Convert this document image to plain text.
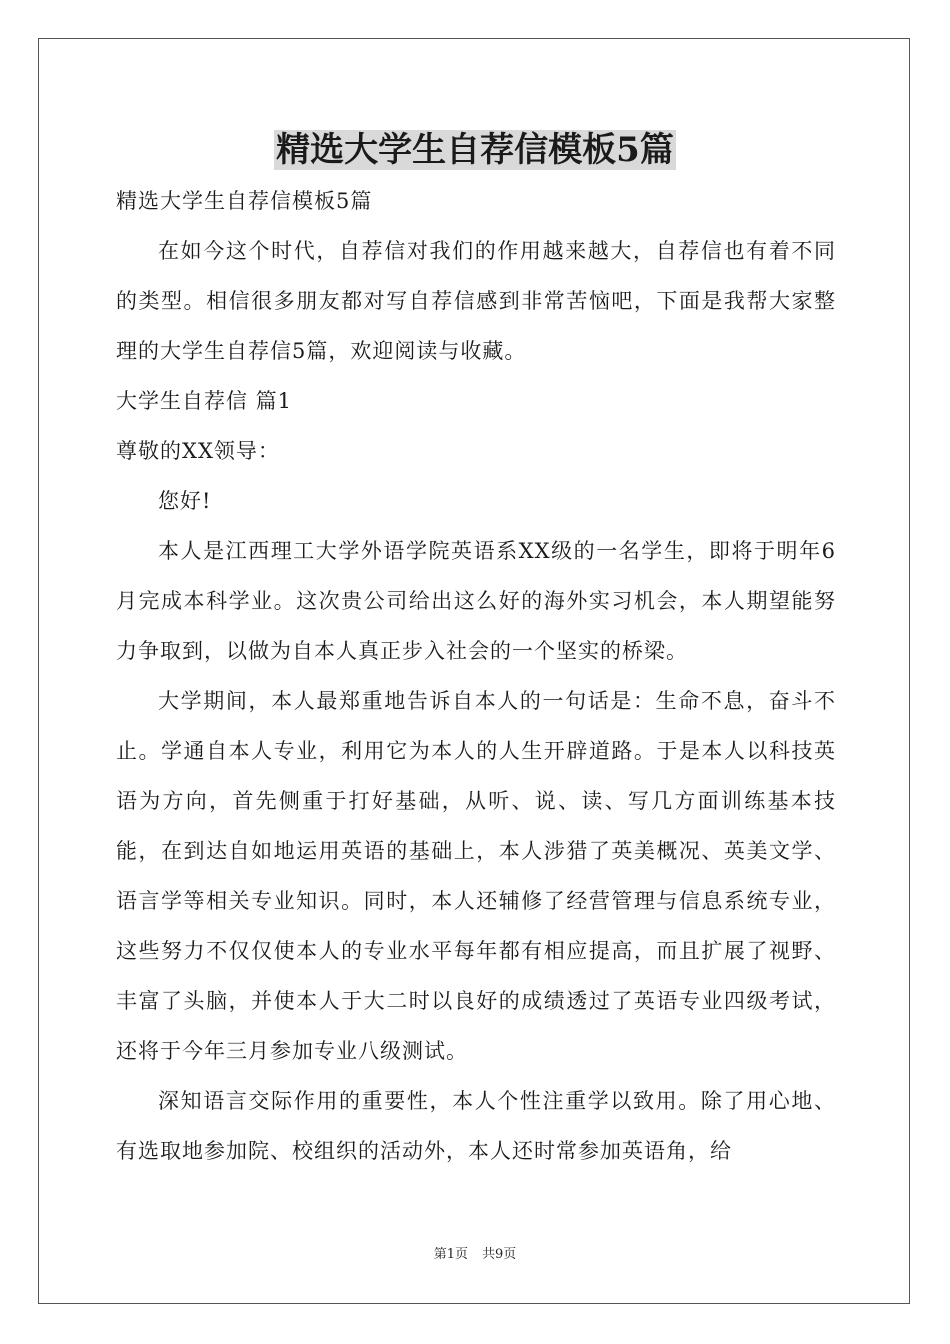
精选大学生自荐信模板5篇

精选大学生自荐信模板5篇

在如今这个时代，自荐信对我们的作用越来越大，自荐信也有着不同的类型。相信很多朋友都对写自荐信感到非常苦恼吧，下面是我帮大家整理的大学生自荐信5篇，欢迎阅读与收藏。

大学生自荐信 篇1

尊敬的XX领导：

您好!

本人是江西理工大学外语学院英语系XX级的一名学生，即将于明年6月完成本科学业。这次贵公司给出这么好的海外实习机会，本人期望能努力争取到，以做为自本人真正步入社会的一个坚实的桥梁。

大学期间，本人最郑重地告诉自本人的一句话是：生命不息，奋斗不止。学通自本人专业，利用它为本人的人生开辟道路。于是本人以科技英语为方向，首先侧重于打好基础，从听、说、读、写几方面训练基本技能，在到达自如地运用英语的基础上，本人涉猎了英美概况、英美文学、语言学等相关专业知识。同时，本人还辅修了经营管理与信息系统专业，这些努力不仅仅使本人的专业水平每年都有相应提高，而且扩展了视野、丰富了头脑，并使本人于大二时以良好的成绩透过了英语专业四级考试，还将于今年三月参加专业八级测试。

深知语言交际作用的重要性，本人个性注重学以致用。除了用心地、有选取地参加院、校组织的活动外，本人还时常参加英语角，给

第1页 共9页
